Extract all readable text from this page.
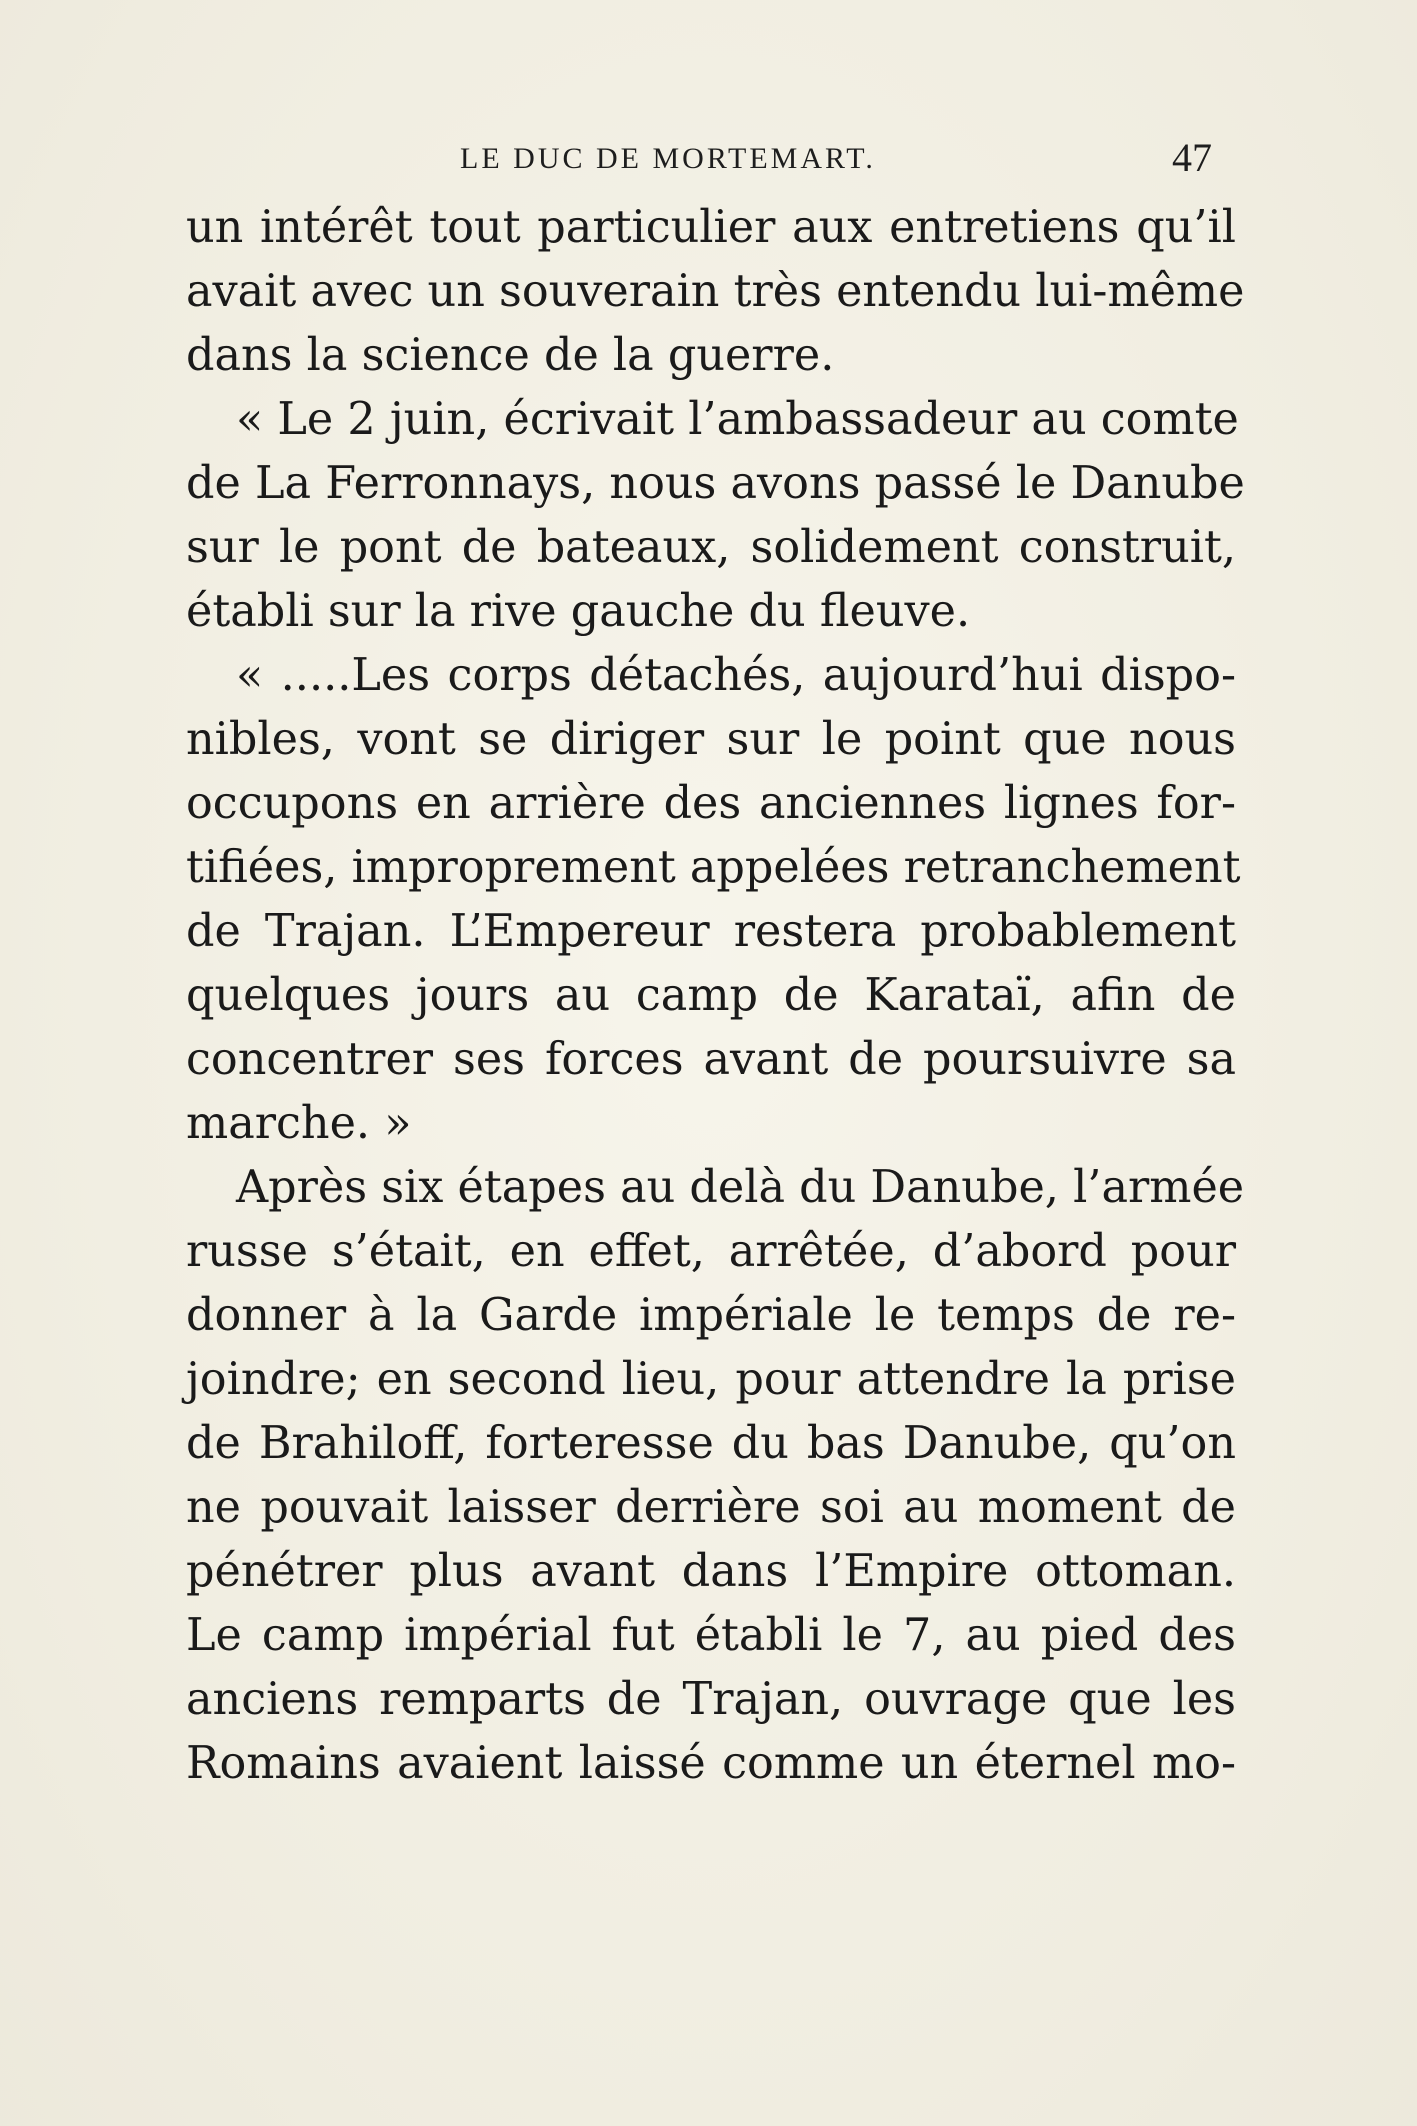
LE DUC DE MORTEMART.	47
un intérêt tout particulier aux entretiens qu’il
avait avec un souverain très entendu lui-même
dans la science de la guerre.
« Le 2 juin, écrivait l’ambassadeur au comte
de La Ferronnays, nous avons passé le Danube
sur le pont de bateaux, solidement construit,
établi sur la rive gauche du fleuve.
« .....Les corps détachés, aujourd’hui dispo-
nibles, vont se diriger sur le point que nous
occupons en arrière des anciennes lignes for-
tifiées, improprement appelées retranchement
de Trajan. L’Empereur restera probablement
quelques jours au camp de Karataï, afin de
concentrer ses forces avant de poursuivre sa
marche. »
Après six étapes au delà du Danube, l’armée
russe s’était, en effet, arrêtée, d’abord pour
donner à la Garde impériale le temps de re-
joindre; en second lieu, pour attendre la prise
de Brahiloff, forteresse du bas Danube, qu’on
ne pouvait laisser derrière soi au moment de
pénétrer plus avant dans l’Empire ottoman.
Le camp impérial fut établi le 7, au pied des
anciens remparts de Trajan, ouvrage que les
Romains avaient laissé comme un éternel mo-
